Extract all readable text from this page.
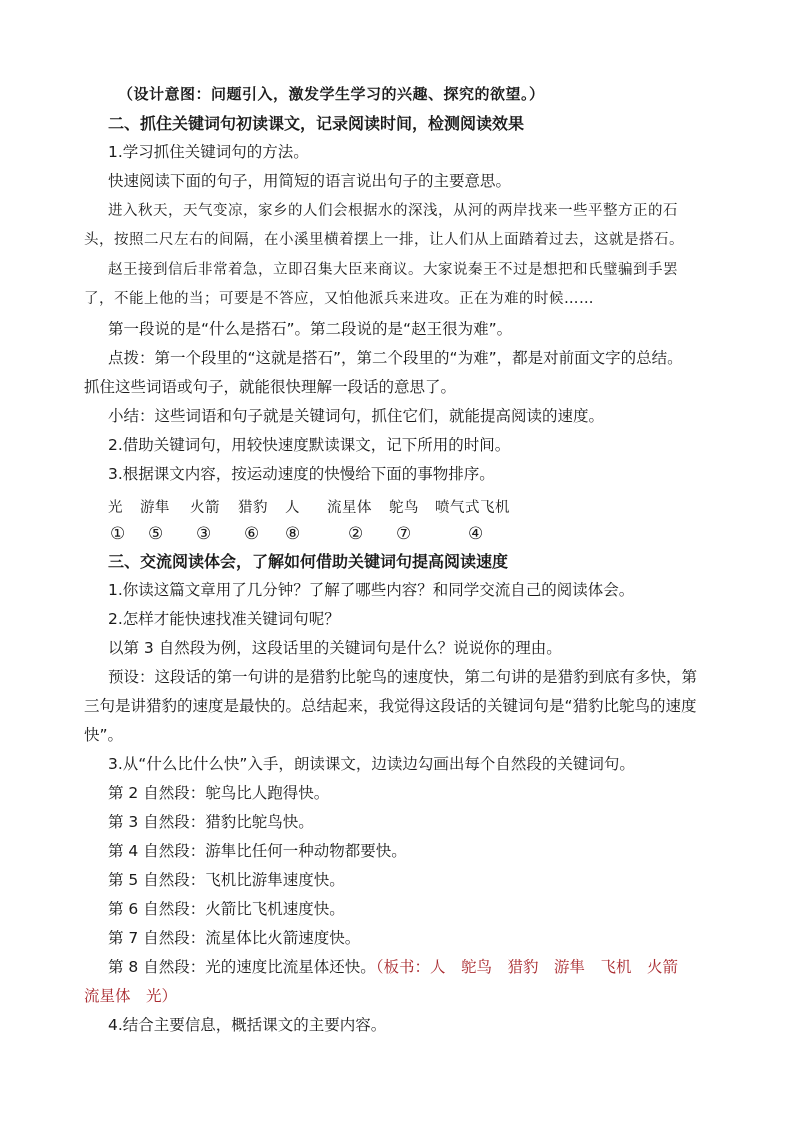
（设计意图：问题引入，激发学生学习的兴趣、探究的欲望。）
二、抓住关键词句初读课文，记录阅读时间，检测阅读效果
1.学习抓住关键词句的方法。
快速阅读下面的句子，用简短的语言说出句子的主要意思。
进入秋天，天气变凉，家乡的人们会根据水的深浅，从河的两岸找来一些平整方正的石
头，按照二尺左右的间隔，在小溪里横着摆上一排，让人们从上面踏着过去，这就是搭石。
赵王接到信后非常着急，立即召集大臣来商议。大家说秦王不过是想把和氏璧骗到手罢
了，不能上他的当；可要是不答应，又怕他派兵来进攻。正在为难的时候……
第一段说的是“什么是搭石”。第二段说的是“赵王很为难”。
点拨：第一个段里的“这就是搭石”，第二个段里的“为难”，都是对前面文字的总结。
抓住这些词语或句子，就能很快理解一段话的意思了。
小结：这些词语和句子就是关键词句，抓住它们，就能提高阅读的速度。
2.借助关键词句，用较快速度默读课文，记下所用的时间。
3.根据课文内容，按运动速度的快慢给下面的事物排序。
光 游隼 火箭 猎豹 人 流星体 鸵鸟 喷气式飞机
① ⑤ ③ ⑥ ⑧	② ⑦	④
三、交流阅读体会，了解如何借助关键词句提高阅读速度
1.你读这篇文章用了几分钟？了解了哪些内容？和同学交流自己的阅读体会。
2.怎样才能快速找准关键词句呢？
以第 3 自然段为例，这段话里的关键词句是什么？说说你的理由。
预设：这段话的第一句讲的是猎豹比鸵鸟的速度快，第二句讲的是猎豹到底有多快，第
三句是讲猎豹的速度是最快的。总结起来，我觉得这段话的关键词句是“猎豹比鸵鸟的速度
快”。
3.从“什么比什么快”入手，朗读课文，边读边勾画出每个自然段的关键词句。
第 2 自然段：鸵鸟比人跑得快。
第 3 自然段：猎豹比鸵鸟快。
第 4 自然段：游隼比任何一种动物都要快。
第 5 自然段：飞机比游隼速度快。
第 6 自然段：火箭比飞机速度快。
第 7 自然段：流星体比火箭速度快。
第 8 自然段：光的速度比流星体还快。（板书：人　鸵鸟　猎豹　游隼　飞机　火箭
流星体　光）
4.结合主要信息，概括课文的主要内容。
